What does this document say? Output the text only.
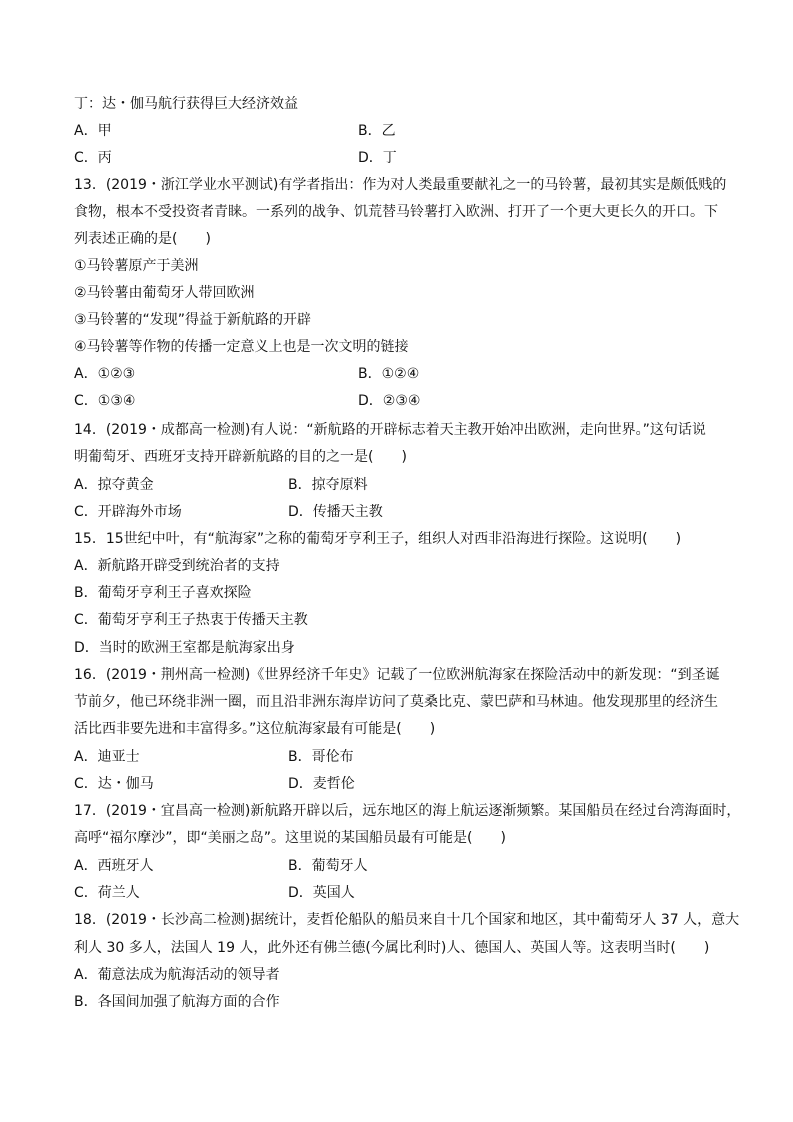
丁：达・伽马航行获得巨大经济效益
A．甲	B．乙
C．丙	D．丁
13．(2019・浙江学业水平测试)有学者指出：作为对人类最重要献礼之一的马铃薯，最初其实是颇低贱的
食物，根本不受投资者青睐。一系列的战争、饥荒替马铃薯打入欧洲、打开了一个更大更长久的开口。下
列表述正确的是(　　)
①马铃薯原产于美洲
②马铃薯由葡萄牙人带回欧洲
③马铃薯的“发现”得益于新航路的开辟
④马铃薯等作物的传播一定意义上也是一次文明的链接
A．①②③	B．①②④
C．①③④	D．②③④
14．(2019・成都高一检测)有人说：“新航路的开辟标志着天主教开始冲出欧洲，走向世界。”这句话说
明葡萄牙、西班牙支持开辟新航路的目的之一是(　　)
A．掠夺黄金	B．掠夺原料
C．开辟海外市场	D．传播天主教
15．15世纪中叶，有“航海家”之称的葡萄牙亨利王子，组织人对西非沿海进行探险。这说明(　　)
A．新航路开辟受到统治者的支持
B．葡萄牙亨利王子喜欢探险
C．葡萄牙亨利王子热衷于传播天主教
D．当时的欧洲王室都是航海家出身
16．(2019・荆州高一检测)《世界经济千年史》记载了一位欧洲航海家在探险活动中的新发现：“到圣诞
节前夕，他已环绕非洲一圈，而且沿非洲东海岸访问了莫桑比克、蒙巴萨和马林迪。他发现那里的经济生
活比西非要先进和丰富得多。”这位航海家最有可能是(　　)
A．迪亚士	B．哥伦布
C．达・伽马	D．麦哲伦
17．(2019・宜昌高一检测)新航路开辟以后，远东地区的海上航运逐渐频繁。某国船员在经过台湾海面时，
高呼“福尔摩沙”，即“美丽之岛”。这里说的某国船员最有可能是(　　)
A．西班牙人	B．葡萄牙人
C．荷兰人	D．英国人
18．(2019・长沙高二检测)据统计，麦哲伦船队的船员来自十几个国家和地区，其中葡萄牙人 37 人，意大
利人 30 多人，法国人 19 人，此外还有佛兰德(今属比利时)人、德国人、英国人等。这表明当时(　　)
A．葡意法成为航海活动的领导者
B．各国间加强了航海方面的合作
